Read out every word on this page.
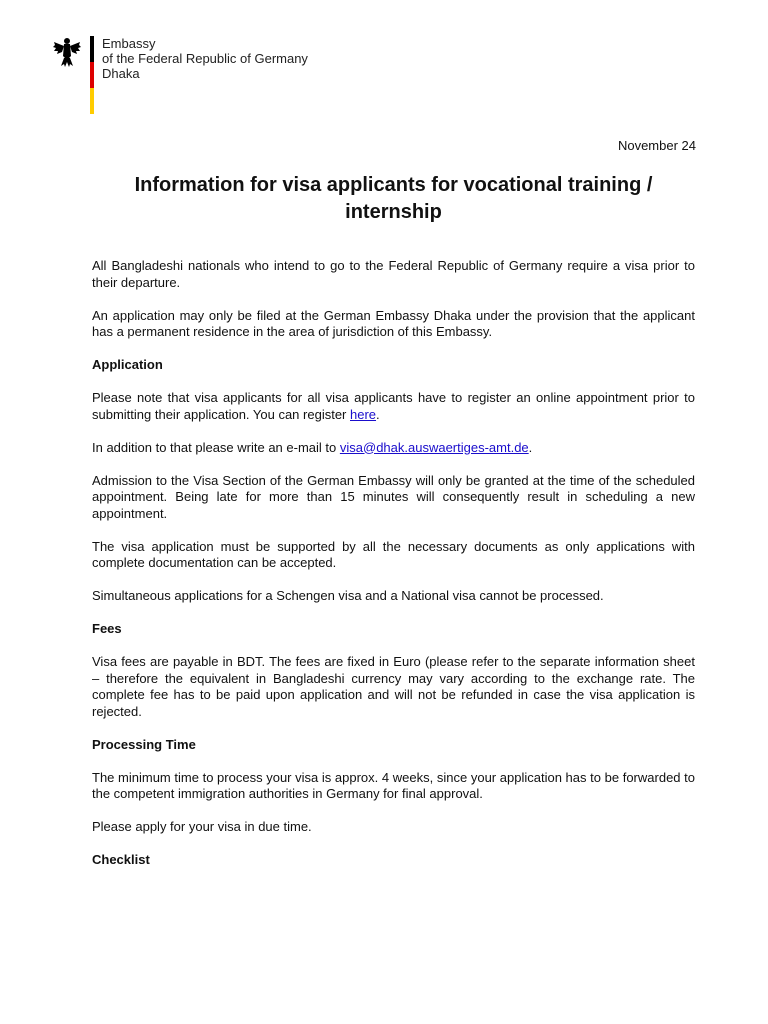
Embassy
of the Federal Republic of Germany
Dhaka
November 24
Information for visa applicants for vocational training / internship

All Bangladeshi nationals who intend to go to the Federal Republic of Germany require a visa prior to their departure.

An application may only be filed at the German Embassy Dhaka under the provision that the applicant has a permanent residence in the area of jurisdiction of this Embassy.

Application

Please note that visa applicants for all visa applicants have to register an online appointment prior to submitting their application. You can register here.

In addition to that please write an e-mail to visa@dhak.auswaertiges-amt.de.

Admission to the Visa Section of the German Embassy will only be granted at the time of the scheduled appointment. Being late for more than 15 minutes will consequently result in scheduling a new appointment.

The visa application must be supported by all the necessary documents as only applications with complete documentation can be accepted.

Simultaneous applications for a Schengen visa and a National visa cannot be processed.

Fees

Visa fees are payable in BDT. The fees are fixed in Euro (please refer to the separate information sheet – therefore the equivalent in Bangladeshi currency may vary according to the exchange rate. The complete fee has to be paid upon application and will not be refunded in case the visa application is rejected.

Processing Time

The minimum time to process your visa is approx. 4 weeks, since your application has to be forwarded to the competent immigration authorities in Germany for final approval.

Please apply for your visa in due time.

Checklist
